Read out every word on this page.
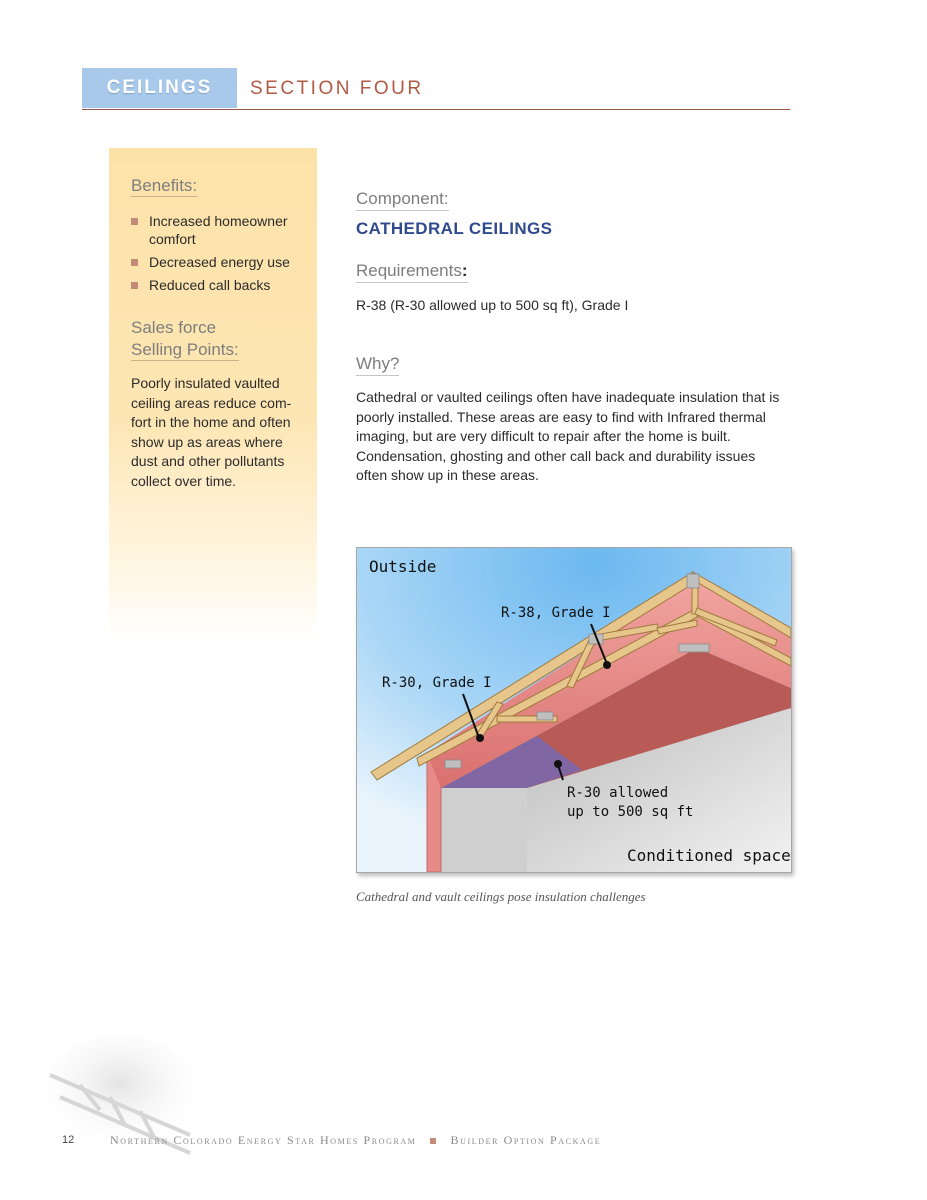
CEILINGS	SECTION FOUR
Benefits:
Increased homeowner comfort
Decreased energy use
Reduced call backs
Sales force
Selling Points:
Poorly insulated vaulted ceiling areas reduce com-fort in the home and often show up as areas where dust and other pollutants collect over time.
Component:
CATHEDRAL CEILINGS
Requirements:
R-38 (R-30 allowed up to 500 sq ft), Grade I
Why?
Cathedral or vaulted ceilings often have inadequate insulation that is poorly installed. These areas are easy to find with Infrared thermal imaging, but are very difficult to repair after the home is built. Condensation, ghosting and other call back and durability issues often show up in these areas.
Outside
R-38, Grade I
R-30, Grade I
R-30 allowed
up to 500 sq ft
Conditioned space
Cathedral and vault ceilings pose insulation challenges
12	Northern Colorado Energy Star Homes Program	Builder Option Package
